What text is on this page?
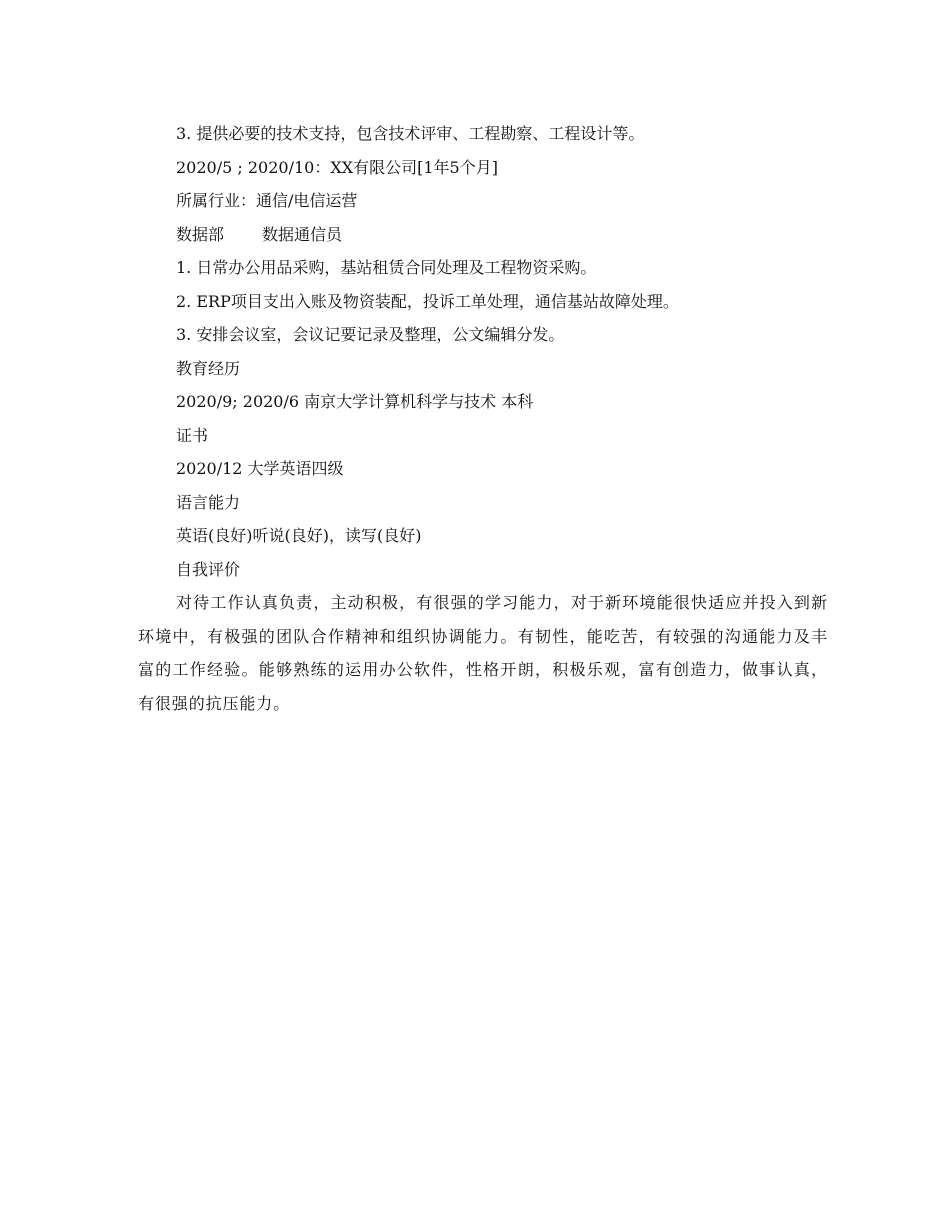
3. 提供必要的技术支持，包含技术评审、工程勘察、工程设计等。
2020/5 ; 2020/10：XX有限公司[1年5个月]
所属行业：通信/电信运营
数据部 数据通信员
1. 日常办公用品采购，基站租赁合同处理及工程物资采购。
2. ERP项目支出入账及物资装配，投诉工单处理，通信基站故障处理。
3. 安排会议室，会议记要记录及整理，公文编辑分发。
教育经历
2020/9; 2020/6 南京大学计算机科学与技术 本科
证书
2020/12 大学英语四级
语言能力
英语(良好)听说(良好)，读写(良好)
自我评价
对待工作认真负责，主动积极，有很强的学习能力，对于新环境能很快适应并投入到新环境中，有极强的团队合作精神和组织协调能力。有韧性，能吃苦，有较强的沟通能力及丰富的工作经验。能够熟练的运用办公软件，性格开朗，积极乐观，富有创造力，做事认真，有很强的抗压能力。
